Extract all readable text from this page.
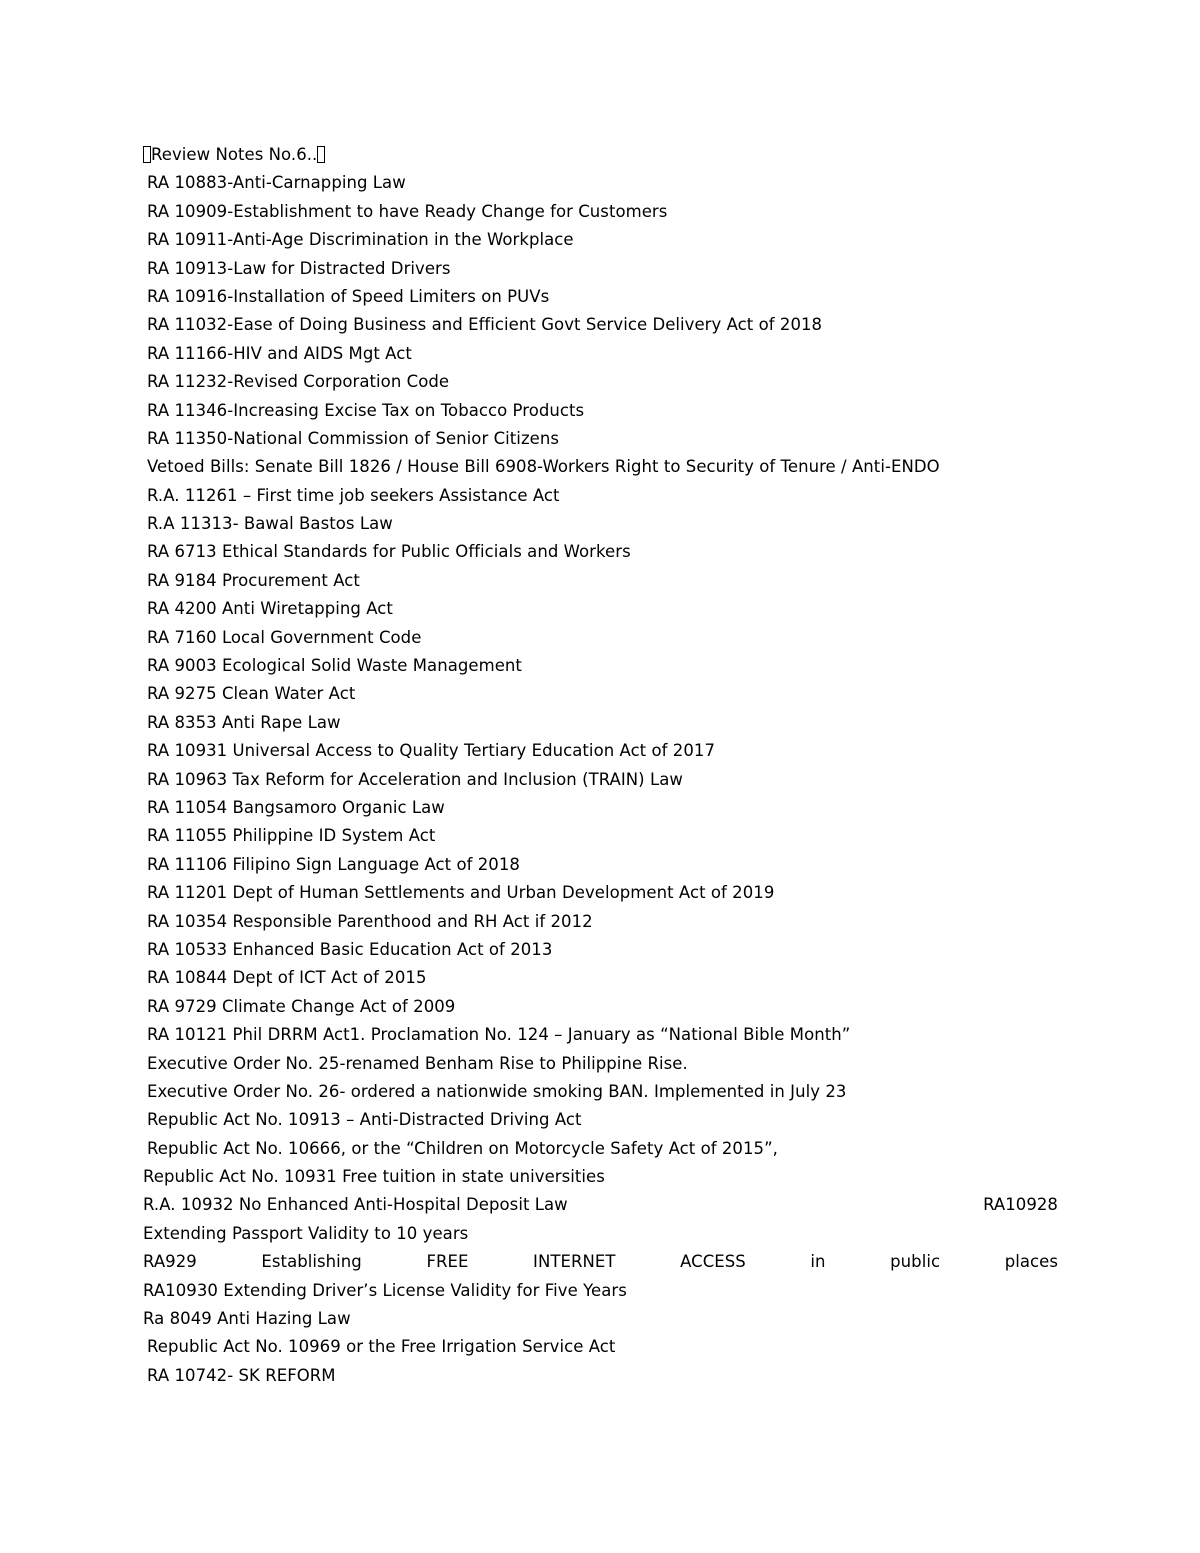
Review Notes No.6..
RA 10883-Anti-Carnapping Law
RA 10909-Establishment to have Ready Change for Customers
RA 10911-Anti-Age Discrimination in the Workplace
RA 10913-Law for Distracted Drivers
RA 10916-Installation of Speed Limiters on PUVs
RA 11032-Ease of Doing Business and Efficient Govt Service Delivery Act of 2018
RA 11166-HIV and AIDS Mgt Act
RA 11232-Revised Corporation Code
RA 11346-Increasing Excise Tax on Tobacco Products
RA 11350-National Commission of Senior Citizens
Vetoed Bills: Senate Bill 1826 / House Bill 6908-Workers Right to Security of Tenure / Anti-ENDO
R.A. 11261 – First time job seekers Assistance Act
R.A 11313- Bawal Bastos Law
RA 6713 Ethical Standards for Public Officials and Workers
RA 9184 Procurement Act
RA 4200 Anti Wiretapping Act
RA 7160 Local Government Code
RA 9003 Ecological Solid Waste Management
RA 9275 Clean Water Act
RA 8353 Anti Rape Law
RA 10931 Universal Access to Quality Tertiary Education Act of 2017
RA 10963 Tax Reform for Acceleration and Inclusion (TRAIN) Law
RA 11054 Bangsamoro Organic Law
RA 11055 Philippine ID System Act
RA 11106 Filipino Sign Language Act of 2018
RA 11201 Dept of Human Settlements and Urban Development Act of 2019
RA 10354 Responsible Parenthood and RH Act if 2012
RA 10533 Enhanced Basic Education Act of 2013
RA 10844 Dept of ICT Act of 2015
RA 9729 Climate Change Act of 2009
RA 10121 Phil DRRM Act1. Proclamation No. 124 – January as “National Bible Month”
Executive Order No. 25-renamed Benham Rise to Philippine Rise.
Executive Order No. 26- ordered a nationwide smoking BAN. Implemented in July 23
Republic Act No. 10913 – Anti-Distracted Driving Act
Republic Act No. 10666, or the “Children on Motorcycle Safety Act of 2015”,
Republic Act No. 10931 Free tuition in state universities
R.A. 10932 No Enhanced Anti-Hospital Deposit Law	RA10928
Extending Passport Validity to 10 years
RA929	Establishing	FREE	INTERNET	ACCESS	in	public	places
RA10930 Extending Driver’s License Validity for Five Years
Ra 8049 Anti Hazing Law
Republic Act No. 10969 or the Free Irrigation Service Act
RA 10742- SK REFORM
